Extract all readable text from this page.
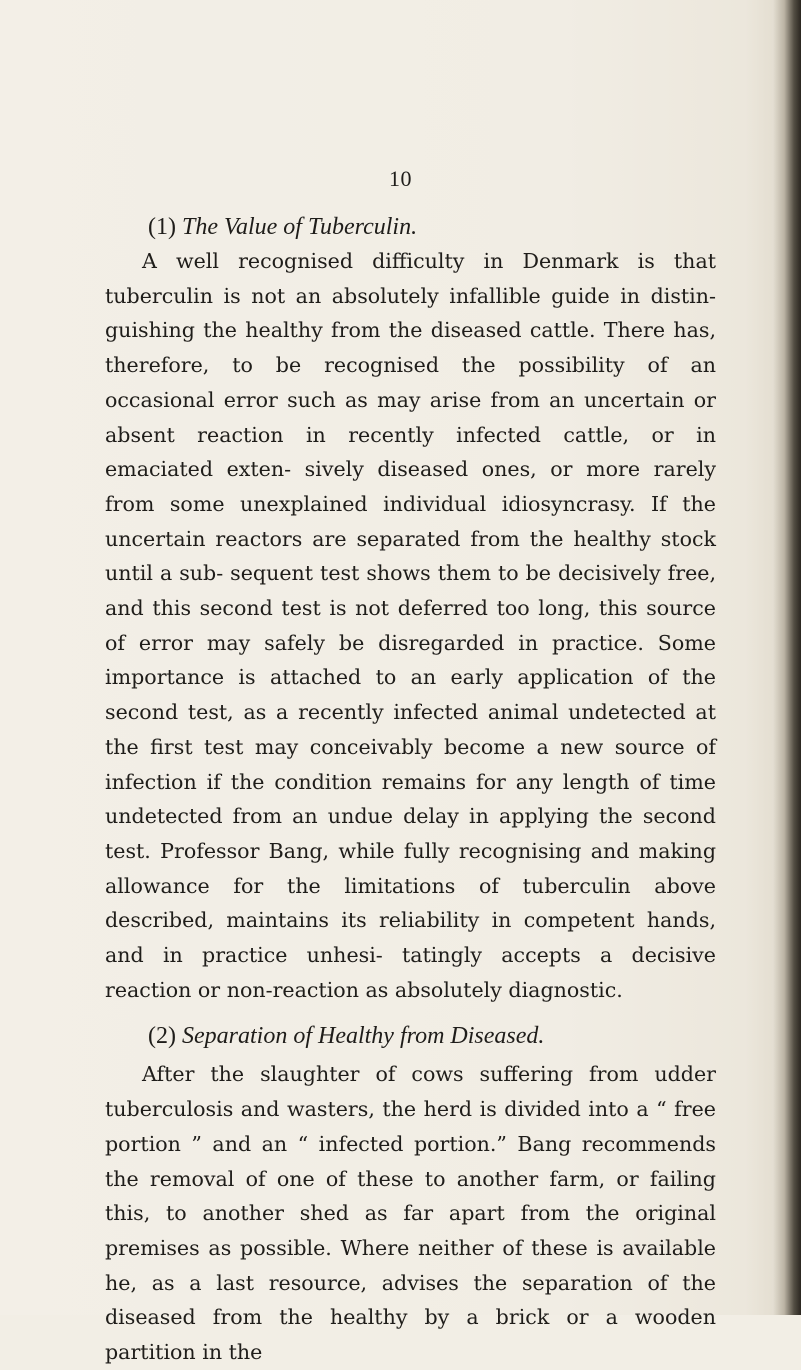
10

(1) The Value of Tuberculin.

A well recognised difficulty in Denmark is that tuberculin is not an absolutely infallible guide in distin- guishing the healthy from the diseased cattle. There has, therefore, to be recognised the possibility of an occasional error such as may arise from an uncertain or absent reaction in recently infected cattle, or in emaciated exten- sively diseased ones, or more rarely from some unexplained individual idiosyncrasy. If the uncertain reactors are separated from the healthy stock until a sub- sequent test shows them to be decisively free, and this second test is not deferred too long, this source of error may safely be disregarded in practice. Some importance is attached to an early application of the second test, as a recently infected animal undetected at the first test may conceivably become a new source of infection if the condition remains for any length of time undetected from an undue delay in applying the second test. Professor Bang, while fully recognising and making allowance for the limitations of tuberculin above described, maintains its reliability in competent hands, and in practice unhesi- tatingly accepts a decisive reaction or non-reaction as absolutely diagnostic.

(2) Separation of Healthy from Diseased.

After the slaughter of cows suffering from udder tuberculosis and wasters, the herd is divided into a “ free portion ” and an “ infected portion.” Bang recommends the removal of one of these to another farm, or failing this, to another shed as far apart from the original premises as possible. Where neither of these is available he, as a last resource, advises the separation of the diseased from the healthy by a brick or a wooden partition in the
